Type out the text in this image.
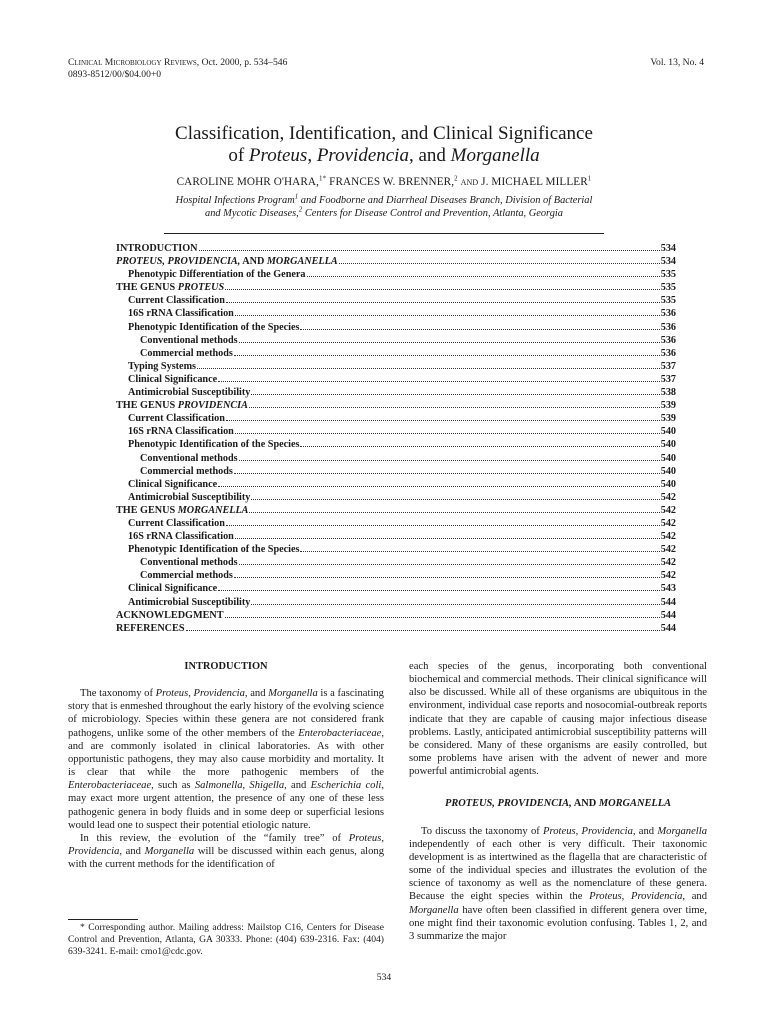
Clinical Microbiology Reviews, Oct. 2000, p. 534–546
0893-8512/00/$04.00+0
Vol. 13, No. 4
Classification, Identification, and Clinical Significance
of Proteus, Providencia, and Morganella
CAROLINE MOHR O'HARA,$^{1*}$ FRANCES W. BRENNER,$^2$ and J. MICHAEL MILLER$^1$
Hospital Infections Program$^1$ and Foodborne and Diarrheal Diseases Branch, Division of Bacterial
and Mycotic Diseases,$^2$ Centers for Disease Control and Prevention, Atlanta, Georgia
INTRODUCTION	534
PROTEUS, PROVIDENCIA, AND MORGANELLA	534
Phenotypic Differentiation of the Genera	535
THE GENUS PROTEUS	535
Current Classification	535
16S rRNA Classification	536
Phenotypic Identification of the Species	536
Conventional methods	536
Commercial methods	536
Typing Systems	537
Clinical Significance	537
Antimicrobial Susceptibility	538
THE GENUS PROVIDENCIA	539
Current Classification	539
16S rRNA Classification	540
Phenotypic Identification of the Species	540
Conventional methods	540
Commercial methods	540
Clinical Significance	540
Antimicrobial Susceptibility	542
THE GENUS MORGANELLA	542
Current Classification	542
16S rRNA Classification	542
Phenotypic Identification of the Species	542
Conventional methods	542
Commercial methods	542
Clinical Significance	543
Antimicrobial Susceptibility	544
ACKNOWLEDGMENT	544
REFERENCES	544
INTRODUCTION

The taxonomy of Proteus, Providencia, and Morganella is a fascinating story that is enmeshed throughout the early history of the evolving science of microbiology. Species within these genera are not considered frank pathogens, unlike some of the other members of the Enterobacteriaceae, and are commonly isolated in clinical laboratories. As with other opportunistic pathogens, they may also cause morbidity and mortality. It is clear that while the more pathogenic members of the Enterobacteriaceae, such as Salmonella, Shigella, and Escherichia coli, may exact more urgent attention, the presence of any one of these less pathogenic genera in body fluids and in some deep or superficial lesions would lead one to suspect their potential etiologic nature.

In this review, the evolution of the “family tree” of Proteus, Providencia, and Morganella will be discussed within each genus, along with the current methods for the identification of

* Corresponding author. Mailing address: Mailstop C16, Centers for Disease Control and Prevention, Atlanta, GA 30333. Phone: (404) 639-2316. Fax: (404) 639-3241. E-mail: cmo1@cdc.gov.

each species of the genus, incorporating both conventional biochemical and commercial methods. Their clinical significance will also be discussed. While all of these organisms are ubiquitous in the environment, individual case reports and nosocomial-outbreak reports indicate that they are capable of causing major infectious disease problems. Lastly, anticipated antimicrobial susceptibility patterns will be considered. Many of these organisms are easily controlled, but some problems have arisen with the advent of newer and more powerful antimicrobial agents.

PROTEUS, PROVIDENCIA, AND MORGANELLA

To discuss the taxonomy of Proteus, Providencia, and Morganella independently of each other is very difficult. Their taxonomic development is as intertwined as the flagella that are characteristic of some of the individual species and illustrates the evolution of the science of taxonomy as well as the nomenclature of these genera. Because the eight species within the Proteus, Providencia, and Morganella have often been classified in different genera over time, one might find their taxonomic evolution confusing. Tables 1, 2, and 3 summarize the major

534
